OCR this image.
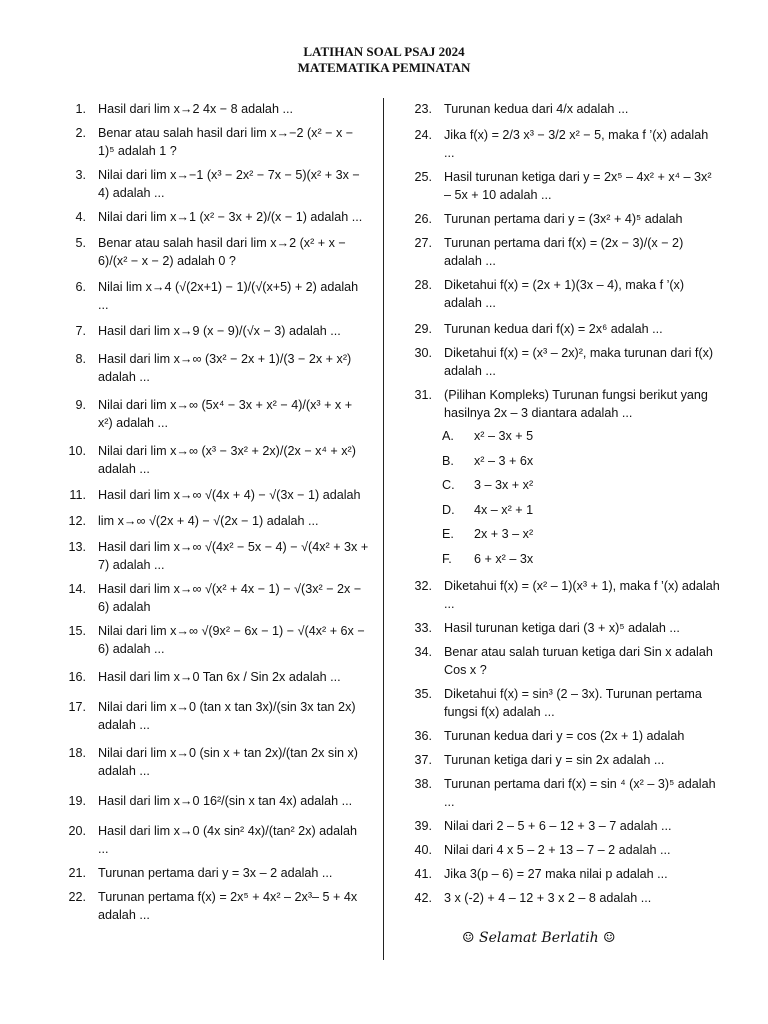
LATIHAN SOAL PSAJ 2024
MATEMATIKA PEMINATAN
1. Hasil dari lim x→2 4x − 8 adalah ...
2. Benar atau salah hasil dari lim x→−2 (x² − x − 1)⁵ adalah 1 ?
3. Nilai dari lim x→−1 (x³ − 2x² − 7x − 5)(x² + 3x − 4) adalah ...
4. Nilai dari lim x→1 (x² − 3x + 2)/(x − 1) adalah ...
5. Benar atau salah hasil dari lim x→2 (x² + x − 6)/(x² − x − 2) adalah 0 ?
6. Nilai lim x→4 (√(2x+1) − 1)/(√(x+5) + 2) adalah ...
7. Hasil dari lim x→9 (x − 9)/(√x − 3) adalah ...
8. Hasil dari lim x→∞ (3x² − 2x + 1)/(3 − 2x + x²) adalah ...
9. Nilai dari lim x→∞ (5x⁴ − 3x + x² − 4)/(x³ + x + x²) adalah ...
10. Nilai dari lim x→∞ (x³ − 3x² + 2x)/(2x − x⁴ + x²) adalah ...
11. Hasil dari lim x→∞ √(4x + 4) − √(3x − 1) adalah
12. lim x→∞ √(2x + 4) − √(2x − 1) adalah ...
13. Hasil dari lim x→∞ √(4x² − 5x − 4) − √(4x² + 3x + 7) adalah ...
14. Hasil dari lim x→∞ √(x² + 4x − 1) − √(3x² − 2x − 6) adalah
15. Nilai dari lim x→∞ √(9x² − 6x − 1) − √(4x² + 6x − 6) adalah ...
16. Hasil dari lim x→0 Tan 6x / Sin 2x adalah ...
17. Nilai dari lim x→0 (tan x tan 3x)/(sin 3x tan 2x) adalah ...
18. Nilai dari lim x→0 (sin x + tan 2x)/(tan 2x sin x) adalah ...
19. Hasil dari lim x→0 16²/(sin x tan 4x) adalah ...
20. Hasil dari lim x→0 (4x sin² 4x)/(tan² 2x) adalah ...
21. Turunan pertama dari y = 3x – 2 adalah ...
22. Turunan pertama f(x) = 2x⁵ + 4x² – 2x³– 5 + 4x adalah ...
23. Turunan kedua dari 4/x adalah ...
24. Jika f(x) = 2/3 x³ − 3/2 x² − 5, maka f ’(x) adalah ...
25. Hasil turunan ketiga dari y = 2x⁵ – 4x² + x⁴ – 3x² – 5x + 10 adalah ...
26. Turunan pertama dari y = (3x² + 4)⁵ adalah
27. Turunan pertama dari f(x) = (2x − 3)/(x − 2) adalah ...
28. Diketahui f(x) = (2x + 1)(3x – 4), maka f ’(x) adalah ...
29. Turunan kedua dari f(x) = 2x⁶ adalah ...
30. Diketahui f(x) = (x³ – 2x)², maka turunan dari f(x) adalah ...
31. (Pilihan Kompleks) Turunan fungsi berikut yang hasilnya 2x – 3 diantara adalah ...
A.	x² – 3x + 5
B.	x² – 3 + 6x
C.	3 – 3x + x²
D.	4x – x² + 1
E.	2x + 3 – x²
F.	6 + x² – 3x
32. Diketahui f(x) = (x² – 1)(x³ + 1), maka f ’(x) adalah ...
33. Hasil turunan ketiga dari (3 + x)⁵ adalah ...
34. Benar atau salah turuan ketiga dari Sin x adalah Cos x ?
35. Diketahui f(x) = sin³ (2 – 3x). Turunan pertama fungsi f(x) adalah ...
36. Turunan kedua dari y = cos (2x + 1) adalah
37. Turunan ketiga dari y = sin 2x adalah ...
38. Turunan pertama dari f(x) = sin ⁴ (x² – 3)⁵ adalah ...
39. Nilai dari 2 – 5 + 6 – 12 + 3 – 7 adalah ...
40. Nilai dari 4 x 5 – 2 + 13 – 7 – 2 adalah ...
41. Jika 3(p – 6) = 27 maka nilai p adalah ...
42. 3 x (-2) + 4 – 12 + 3 x 2 – 8 adalah ...
☺ Selamat Berlatih ☺
